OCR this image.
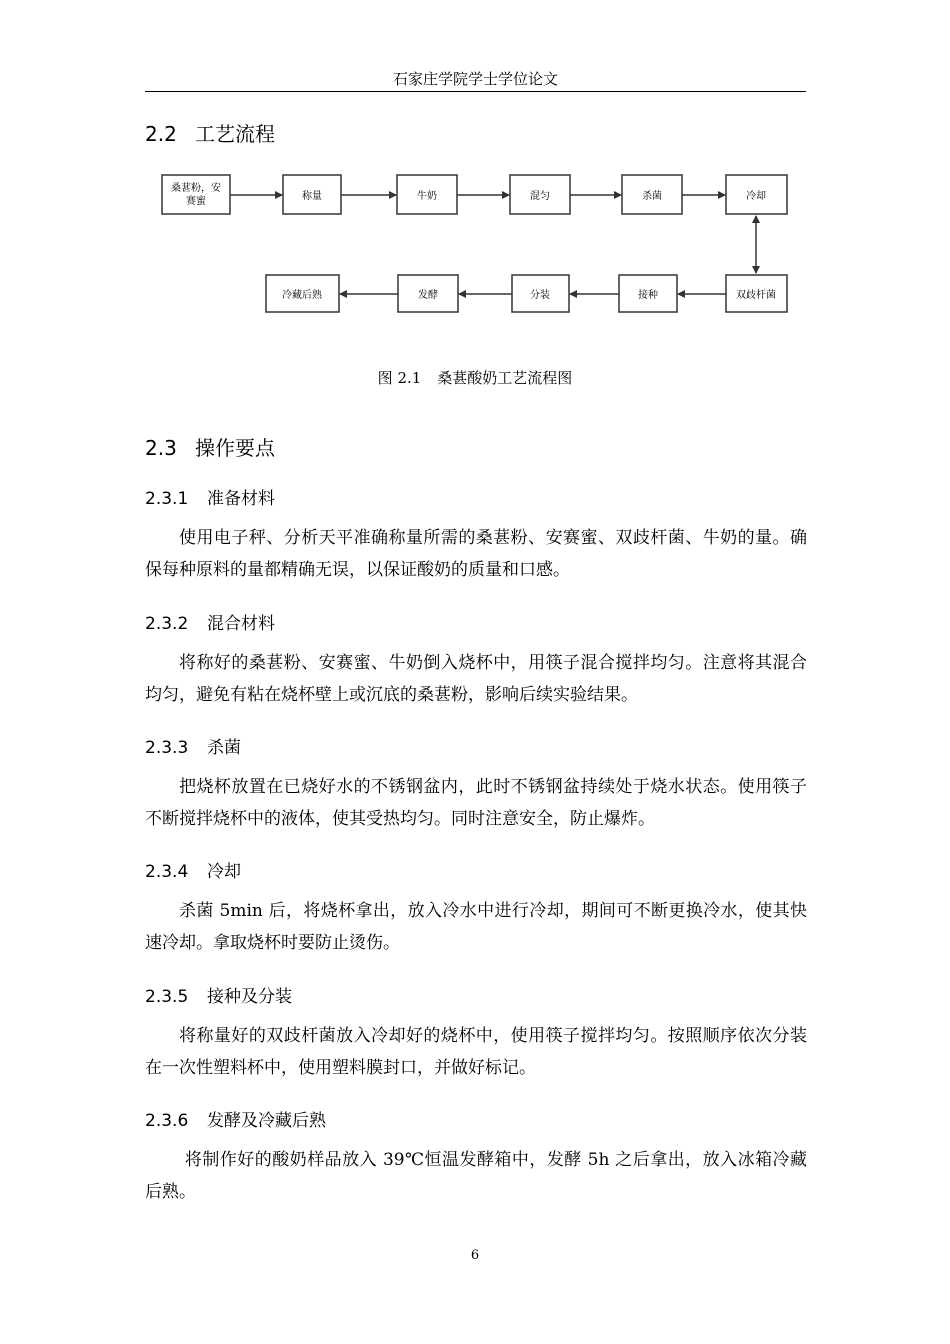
石家庄学院学士学位论文
2.2 工艺流程
桑葚粉，安
赛蜜	称量	牛奶	混匀	杀菌	冷却
双歧杆菌
接种
分装
发酵
冷藏后熟
图 2.1 桑葚酸奶工艺流程图
2.3 操作要点
2.3.1 准备材料
使用电子秤、分析天平准确称量所需的桑葚粉、安赛蜜、双歧杆菌、牛奶的量。确保每种原料的量都精确无误，以保证酸奶的质量和口感。
2.3.2 混合材料
将称好的桑葚粉、安赛蜜、牛奶倒入烧杯中，用筷子混合搅拌均匀。注意将其混合均匀，避免有粘在烧杯壁上或沉底的桑葚粉，影响后续实验结果。
2.3.3 杀菌
把烧杯放置在已烧好水的不锈钢盆内，此时不锈钢盆持续处于烧水状态。使用筷子不断搅拌烧杯中的液体，使其受热均匀。同时注意安全，防止爆炸。
2.3.4 冷却
杀菌 5min 后，将烧杯拿出，放入冷水中进行冷却，期间可不断更换冷水，使其快速冷却。拿取烧杯时要防止烫伤。
2.3.5 接种及分装
将称量好的双歧杆菌放入冷却好的烧杯中，使用筷子搅拌均匀。按照顺序依次分装在一次性塑料杯中，使用塑料膜封口，并做好标记。
2.3.6 发酵及冷藏后熟
将制作好的酸奶样品放入 39℃恒温发酵箱中，发酵 5h 之后拿出，放入冰箱冷藏后熟。
6
